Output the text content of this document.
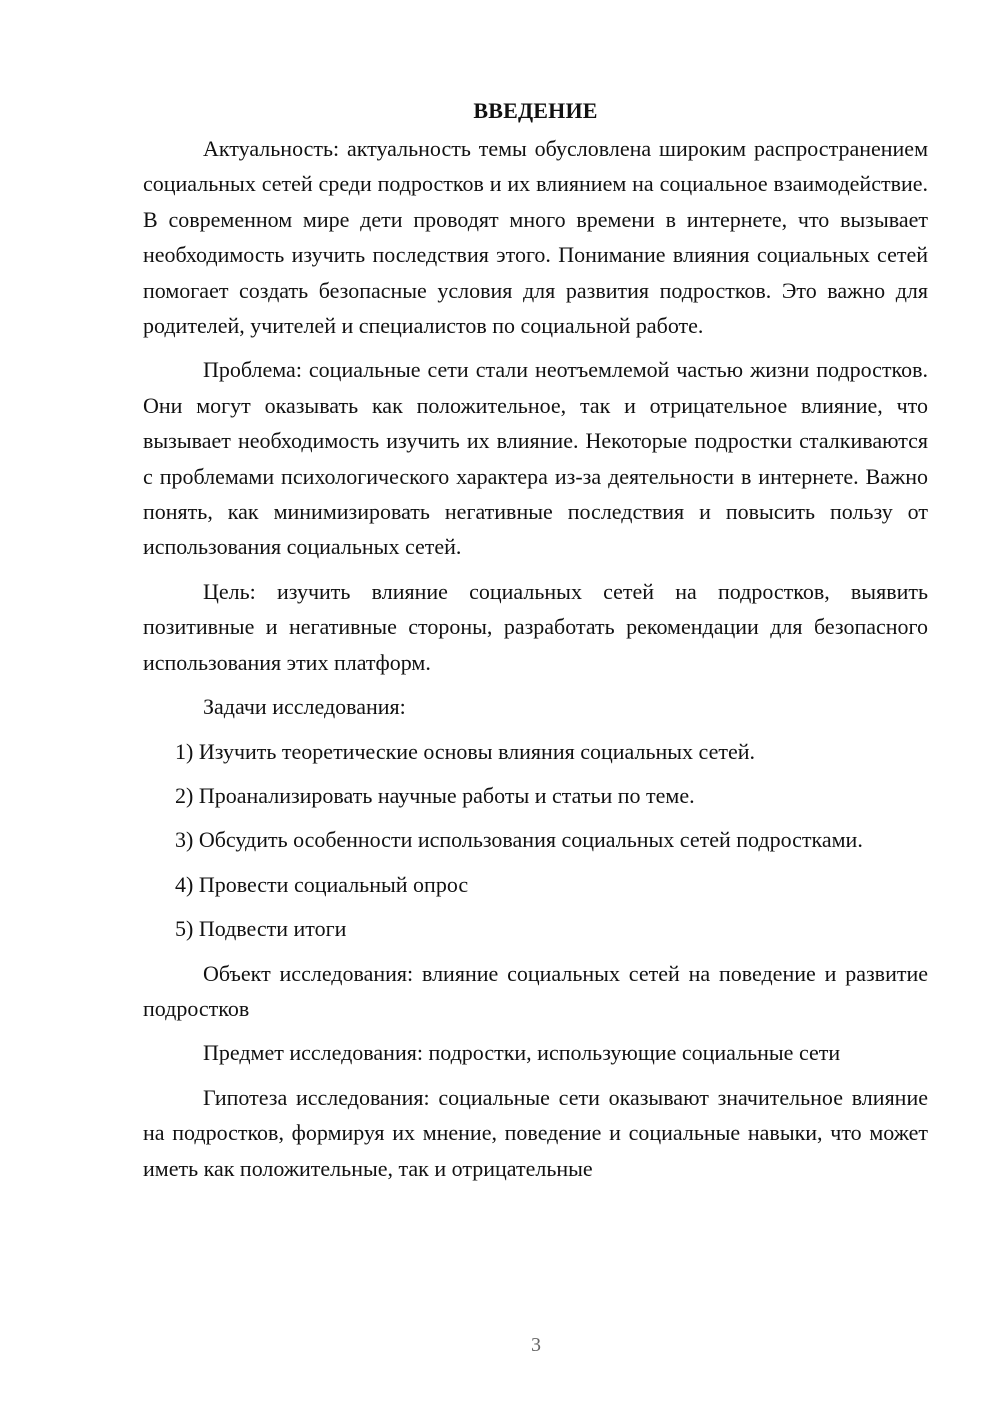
ВВЕДЕНИЕ

Актуальность: актуальность темы обусловлена широким распространением социальных сетей среди подростков и их влиянием на социальное взаимодействие. В современном мире дети проводят много времени в интернете, что вызывает необходимость изучить последствия этого. Понимание влияния социальных сетей помогает создать безопасные условия для развития подростков. Это важно для родителей, учителей и специалистов по социальной работе.

Проблема: социальные сети стали неотъемлемой частью жизни подростков. Они могут оказывать как положительное, так и отрицательное влияние, что вызывает необходимость изучить их влияние. Некоторые подростки сталкиваются с проблемами психологического характера из-за деятельности в интернете. Важно понять, как минимизировать негативные последствия и повысить пользу от использования социальных сетей.

Цель: изучить влияние социальных сетей на подростков, выявить позитивные и негативные стороны, разработать рекомендации для безопасного использования этих платформ.

Задачи исследования:

1) Изучить теоретические основы влияния социальных сетей.

2) Проанализировать научные работы и статьи по теме.

3) Обсудить особенности использования социальных сетей подростками.

4) Провести социальный опрос

5) Подвести итоги

Объект исследования: влияние социальных сетей на поведение и развитие подростков

Предмет исследования: подростки, использующие социальные сети

Гипотеза исследования: социальные сети оказывают значительное влияние на подростков, формируя их мнение, поведение и социальные навыки, что может иметь как положительные, так и отрицательные

3
